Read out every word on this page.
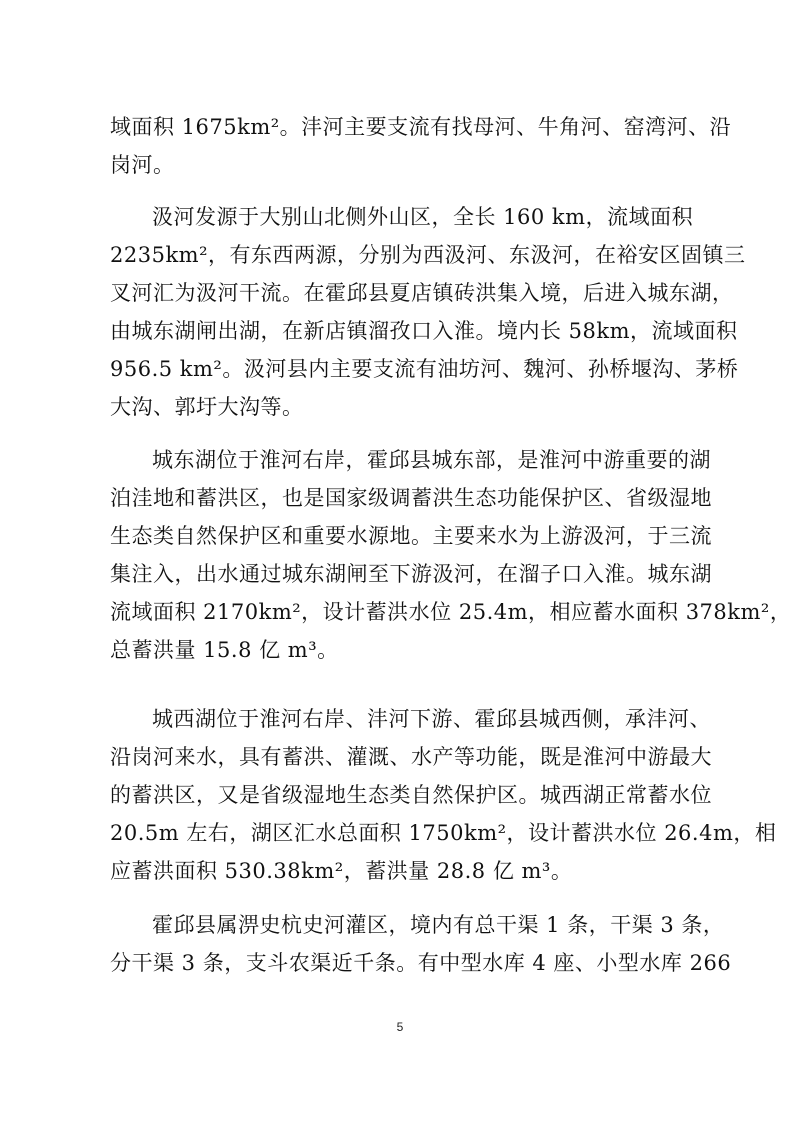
域面积 1675km²。沣河主要支流有找母河、牛角河、窑湾河、沿
岗河。
汲河发源于大别山北侧外山区，全长 160 km，流域面积
2235km²，有东西两源，分别为西汲河、东汲河，在裕安区固镇三
叉河汇为汲河干流。在霍邱县夏店镇砖洪集入境，后进入城东湖，
由城东湖闸出湖，在新店镇溜孜口入淮。境内长 58km，流域面积
956.5 km²。汲河县内主要支流有油坊河、魏河、孙桥堰沟、茅桥
大沟、郭圩大沟等。
城东湖位于淮河右岸，霍邱县城东部，是淮河中游重要的湖
泊洼地和蓄洪区，也是国家级调蓄洪生态功能保护区、省级湿地
生态类自然保护区和重要水源地。主要来水为上游汲河，于三流
集注入，出水通过城东湖闸至下游汲河，在溜子口入淮。城东湖
流域面积 2170km²，设计蓄洪水位 25.4m，相应蓄水面积 378km²，
总蓄洪量 15.8 亿 m³。
城西湖位于淮河右岸、沣河下游、霍邱县城西侧，承沣河、
沿岗河来水，具有蓄洪、灌溉、水产等功能，既是淮河中游最大
的蓄洪区，又是省级湿地生态类自然保护区。城西湖正常蓄水位
20.5m 左右，湖区汇水总面积 1750km²，设计蓄洪水位 26.4m，相
应蓄洪面积 530.38km²，蓄洪量 28.8 亿 m³。
霍邱县属淠史杭史河灌区，境内有总干渠 1 条，干渠 3 条，
分干渠 3 条，支斗农渠近千条。有中型水库 4 座、小型水库 266
5
